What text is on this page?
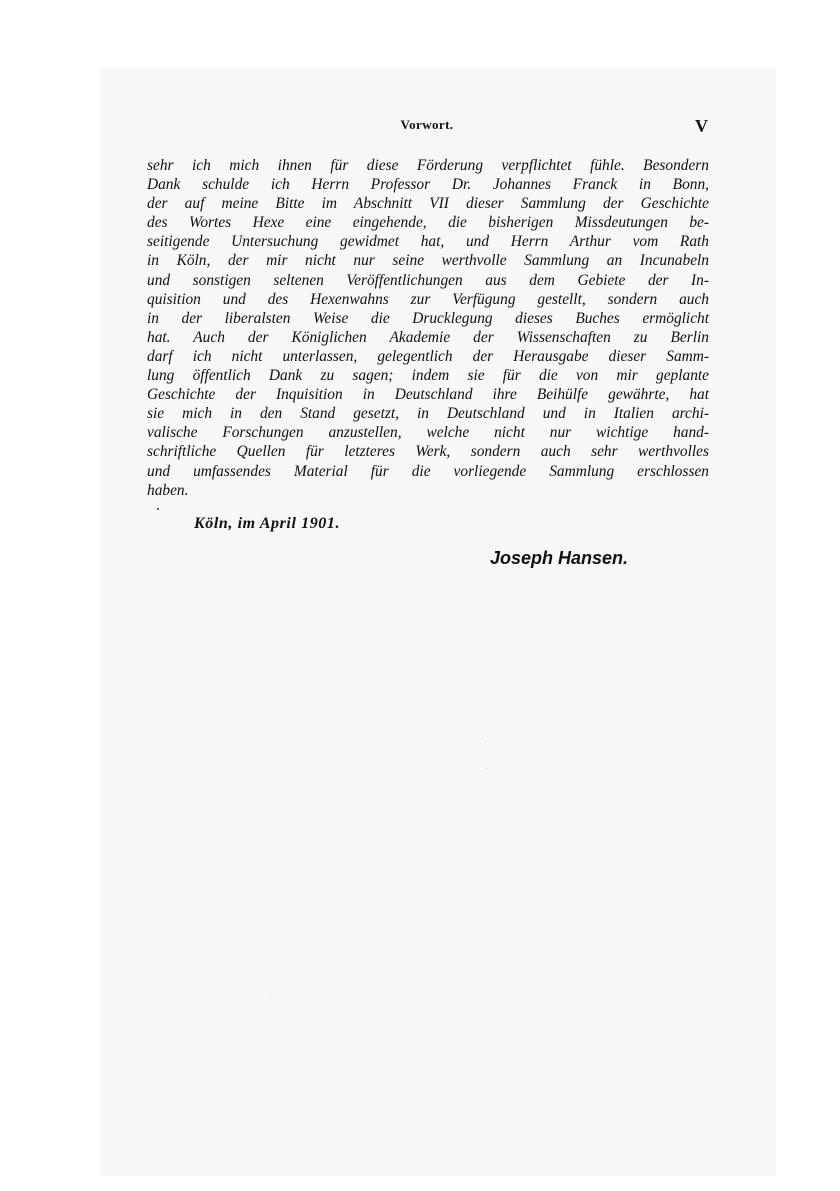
Vorwort.	V

sehr ich mich ihnen für diese Förderung verpflichtet fühle. Besondern
Dank schulde ich Herrn Professor Dr. Johannes Franck in Bonn,
der auf meine Bitte im Abschnitt VII dieser Sammlung der Geschichte
des Wortes Hexe eine eingehende, die bisherigen Missdeutungen be-
seitigende Untersuchung gewidmet hat, und Herrn Arthur vom Rath
in Köln, der mir nicht nur seine werthvolle Sammlung an Incunabeln
und sonstigen seltenen Veröffentlichungen aus dem Gebiete der In-
quisition und des Hexenwahns zur Verfügung gestellt, sondern auch
in der liberalsten Weise die Drucklegung dieses Buches ermöglicht
hat. Auch der Königlichen Akademie der Wissenschaften zu Berlin
darf ich nicht unterlassen, gelegentlich der Herausgabe dieser Samm-
lung öffentlich Dank zu sagen; indem sie für die von mir geplante
Geschichte der Inquisition in Deutschland ihre Beihülfe gewährte, hat
sie mich in den Stand gesetzt, in Deutschland und in Italien archi-
valische Forschungen anzustellen, welche nicht nur wichtige hand-
schriftliche Quellen für letzteres Werk, sondern auch sehr werthvolles
und umfassendes Material für die vorliegende Sammlung erschlossen
haben.

Köln, im April 1901.

Joseph Hansen.
